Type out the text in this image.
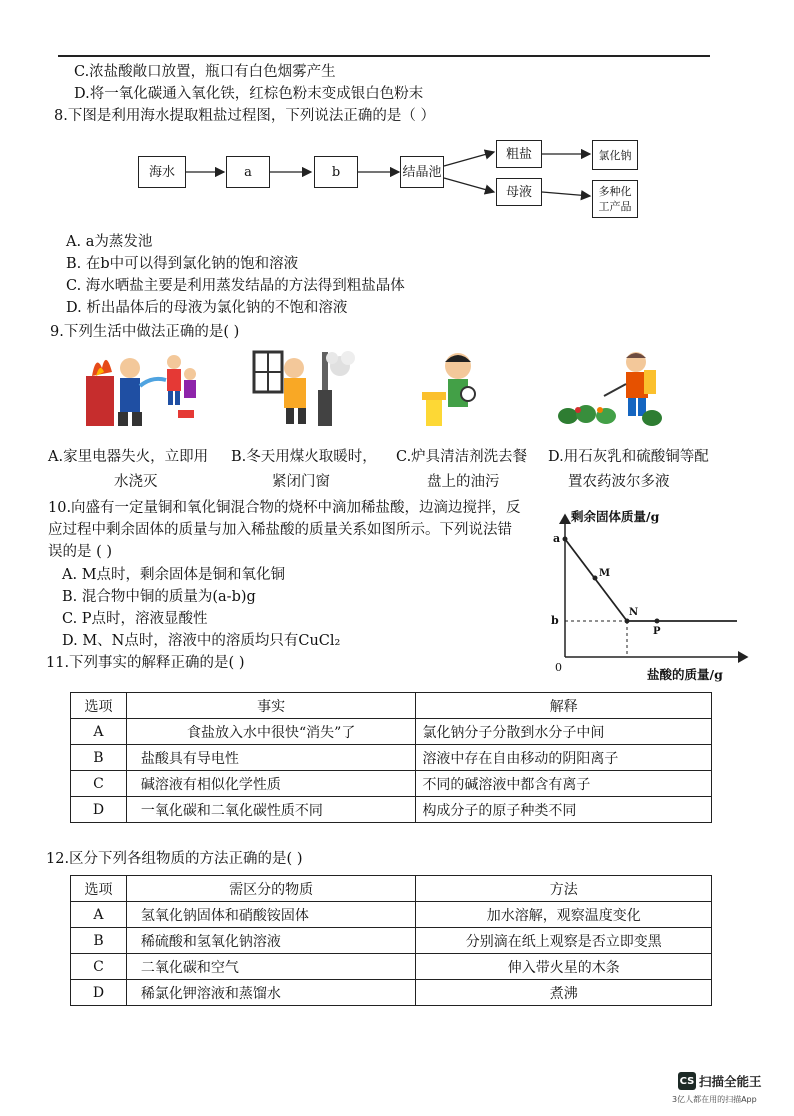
C.浓盐酸敞口放置，瓶口有白色烟雾产生
D.将一氧化碳通入氧化铁，红棕色粉末变成银白色粉末
8.下图是利用海水提取粗盐过程图，下列说法正确的是（ ）
海水	a	b	结晶池
粗盐
母液
氯化钠
多种化工产品
A. a为蒸发池
B. 在b中可以得到氯化钠的饱和溶液
C. 海水晒盐主要是利用蒸发结晶的方法得到粗盐晶体
D. 析出晶体后的母液为氯化钠的不饱和溶液
9.下列生活中做法正确的是( )
A.家里电器失火，立即用
水浇灭
B.冬天用煤火取暖时，
紧闭门窗
C.炉具清洁剂洗去餐
盘上的油污
D.用石灰乳和硫酸铜等配
置农药波尔多液
10.向盛有一定量铜和氧化铜混合物的烧杯中滴加稀盐酸，边滴边搅拌，反
应过程中剩余固体的质量与加入稀盐酸的质量关系如图所示。下列说法错
误的是 ( )
A. M点时，剩余固体是铜和氧化铜
B. 混合物中铜的质量为(a-b)g
C. P点时，溶液显酸性
D. M、N点时，溶液中的溶质均只有CuCl₂
剩余固体质量/g
盐酸的质量/g
0
a
b
M
N
P
11.下列事实的解释正确的是( )
选项	事实	解释
A	食盐放入水中很快“消失”了	氯化钠分子分散到水分子中间
B	盐酸具有导电性	溶液中存在自由移动的阴阳离子
C	碱溶液有相似化学性质	不同的碱溶液中都含有离子
D	一氧化碳和二氧化碳性质不同	构成分子的原子种类不同
12.区分下列各组物质的方法正确的是( )
选项	需区分的物质	方法
A	氢氧化钠固体和硝酸铵固体	加水溶解，观察温度变化
B	稀硫酸和氢氧化钠溶液	分别滴在纸上观察是否立即变黑
C	二氧化碳和空气	伸入带火星的木条
D	稀氯化钾溶液和蒸馏水	煮沸
CS 扫描全能王
3亿人都在用的扫描App
